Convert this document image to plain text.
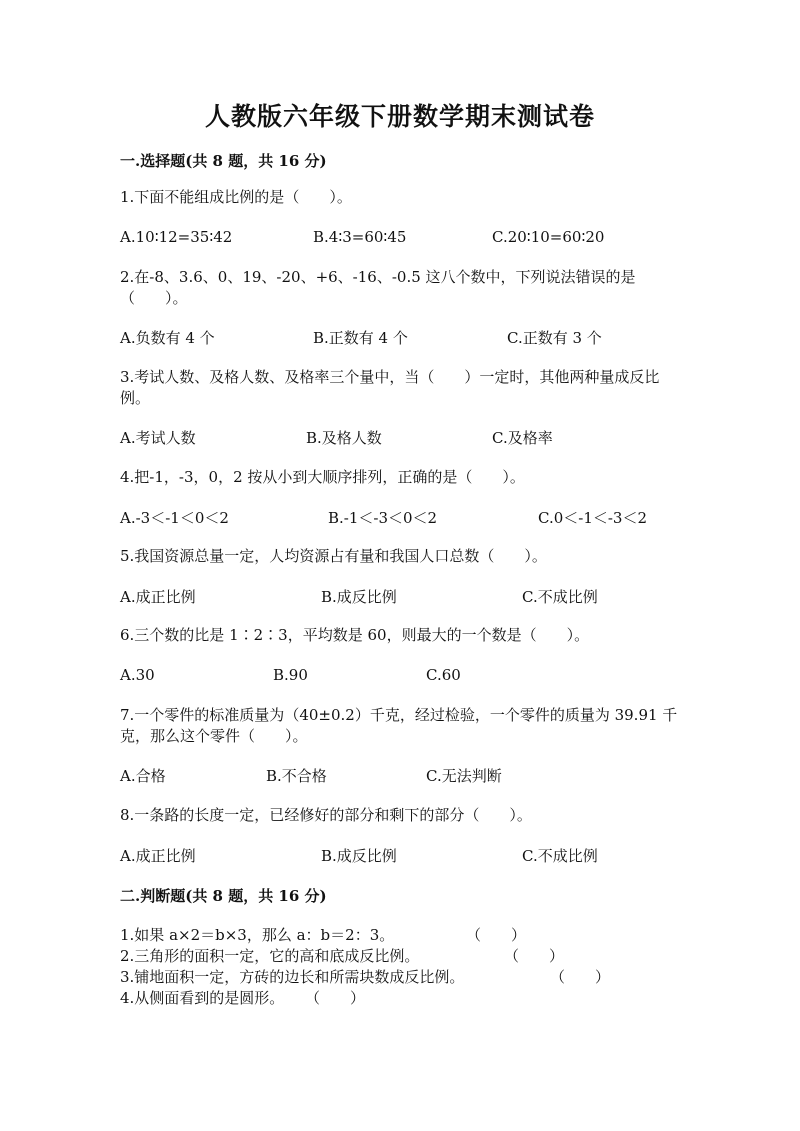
人教版六年级下册数学期末测试卷
一.选择题(共 8 题，共 16 分)
1.下面不能组成比例的是（　　）。
A.10∶12=35∶42	B.4∶3=60∶45	C.20∶10=60∶20
2.在-8、3.6、0、19、-20、+6、-16、-0.5 这八个数中，下列说法错误的是（　　）。
A.负数有 4 个	B.正数有 4 个	C.正数有 3 个
3.考试人数、及格人数、及格率三个量中，当（　　）一定时，其他两种量成反比例。
A.考试人数	B.及格人数	C.及格率
4.把-1，-3，0，2 按从小到大顺序排列，正确的是（　　）。
A.-3＜-1＜0＜2	B.-1＜-3＜0＜2	C.0＜-1＜-3＜2
5.我国资源总量一定，人均资源占有量和我国人口总数（　　）。
A.成正比例	B.成反比例	C.不成比例
6.三个数的比是 1∶2∶3，平均数是 60，则最大的一个数是（　　）。
A.30	B.90	C.60
7.一个零件的标准质量为（40±0.2）千克，经过检验，一个零件的质量为 39.91 千克，那么这个零件（　　）。
A.合格	B.不合格	C.无法判断
8.一条路的长度一定，已经修好的部分和剩下的部分（　　）。
A.成正比例	B.成反比例	C.不成比例
二.判断题(共 8 题，共 16 分)
1.如果 a×2＝b×3，那么 a：b＝2：3。	（　　）
2.三角形的面积一定，它的高和底成反比例。	（　　）
3.铺地面积一定，方砖的边长和所需块数成反比例。	（　　）
4.从侧面看到的是圆形。 （　　）
